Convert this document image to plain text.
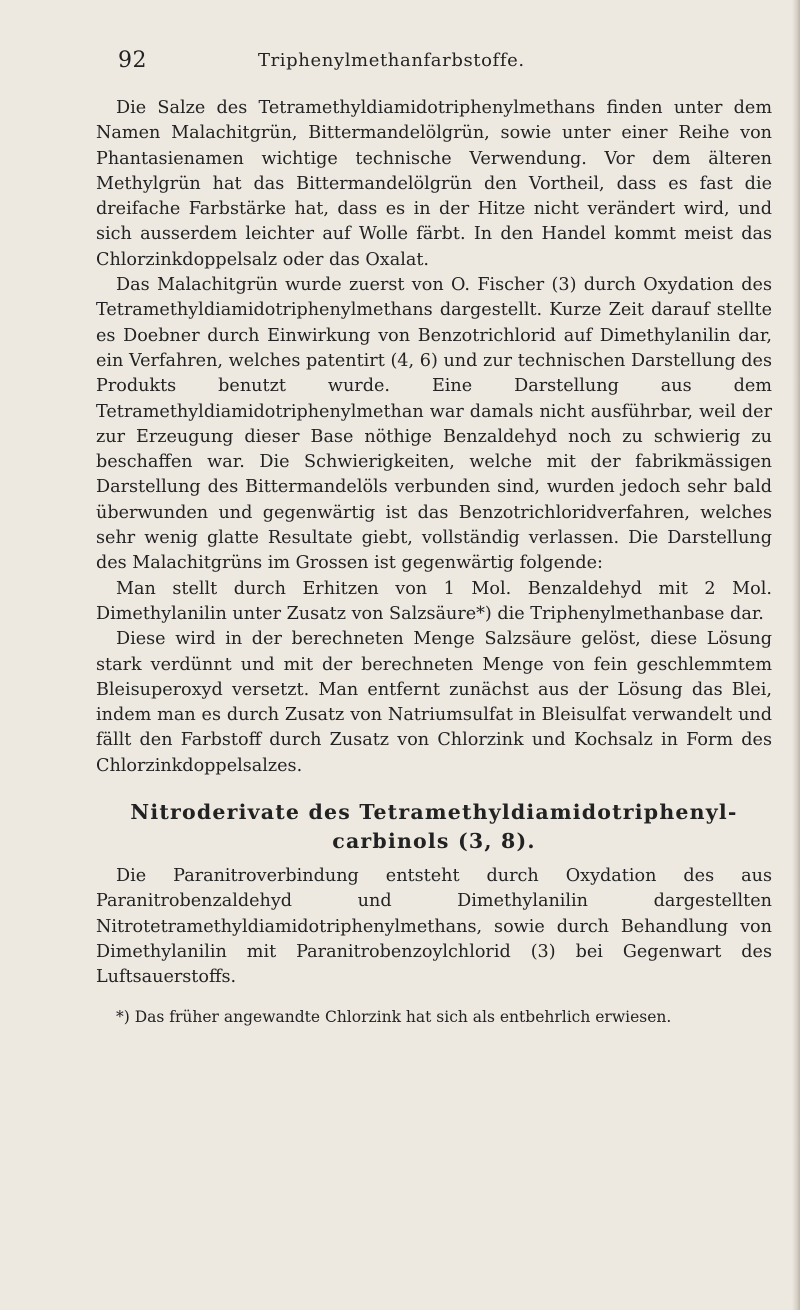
92	Triphenylmethanfarbstoffe.

Die Salze des Tetramethyldiamidotriphenylmethans finden unter dem Namen Malachitgrün, Bittermandelölgrün, sowie unter einer Reihe von Phantasienamen wichtige technische Verwendung. Vor dem älteren Methylgrün hat das Bittermandelölgrün den Vortheil, dass es fast die dreifache Farbstärke hat, dass es in der Hitze nicht verändert wird, und sich ausserdem leichter auf Wolle färbt. In den Handel kommt meist das Chlorzinkdoppelsalz oder das Oxalat.

Das Malachitgrün wurde zuerst von O. Fischer (3) durch Oxydation des Tetramethyldiamidotriphenylmethans dargestellt. Kurze Zeit darauf stellte es Doebner durch Einwirkung von Benzotrichlorid auf Dimethylanilin dar, ein Verfahren, welches patentirt (4, 6) und zur technischen Darstellung des Produkts benutzt wurde. Eine Darstellung aus dem Tetramethyldiamidotriphenylmethan war damals nicht ausführbar, weil der zur Erzeugung dieser Base nöthige Benzaldehyd noch zu schwierig zu beschaffen war. Die Schwierigkeiten, welche mit der fabrikmässigen Darstellung des Bittermandelöls verbunden sind, wurden jedoch sehr bald überwunden und gegenwärtig ist das Benzotrichloridverfahren, welches sehr wenig glatte Resultate giebt, vollständig verlassen. Die Darstellung des Malachitgrüns im Grossen ist gegenwärtig folgende:

Man stellt durch Erhitzen von 1 Mol. Benzaldehyd mit 2 Mol. Dimethylanilin unter Zusatz von Salzsäure*) die Triphenylmethanbase dar.

Diese wird in der berechneten Menge Salzsäure gelöst, diese Lösung stark verdünnt und mit der berechneten Menge von fein geschlemmtem Bleisuperoxyd versetzt. Man entfernt zunächst aus der Lösung das Blei, indem man es durch Zusatz von Natriumsulfat in Bleisulfat verwandelt und fällt den Farbstoff durch Zusatz von Chlorzink und Kochsalz in Form des Chlorzinkdoppelsalzes.

Nitroderivate des Tetramethyldiamidotriphenyl-
carbinols (3, 8).

Die Paranitroverbindung entsteht durch Oxydation des aus Paranitrobenzaldehyd und Dimethylanilin dargestellten Nitrotetramethyldiamidotriphenylmethans, sowie durch Behandlung von Dimethylanilin mit Paranitrobenzoylchlorid (3) bei Gegenwart des Luftsauerstoffs.

*) Das früher angewandte Chlorzink hat sich als entbehrlich erwiesen.
